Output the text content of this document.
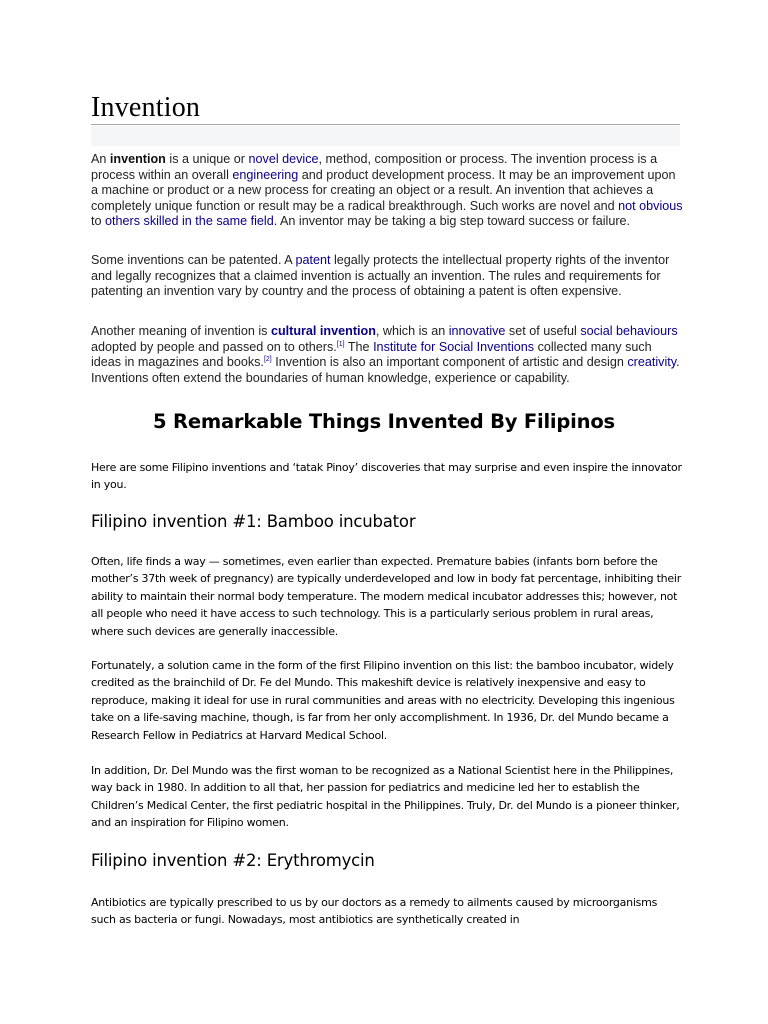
Invention

An invention is a unique or novel device, method, composition or process. The invention process is a process within an overall engineering and product development process. It may be an improvement upon a machine or product or a new process for creating an object or a result. An invention that achieves a completely unique function or result may be a radical breakthrough. Such works are novel and not obvious to others skilled in the same field. An inventor may be taking a big step toward success or failure.

Some inventions can be patented. A patent legally protects the intellectual property rights of the inventor and legally recognizes that a claimed invention is actually an invention. The rules and requirements for patenting an invention vary by country and the process of obtaining a patent is often expensive.

Another meaning of invention is cultural invention, which is an innovative set of useful social behaviours adopted by people and passed on to others.[1] The Institute for Social Inventions collected many such ideas in magazines and books.[2] Invention is also an important component of artistic and design creativity. Inventions often extend the boundaries of human knowledge, experience or capability.

5 Remarkable Things Invented By Filipinos

Here are some Filipino inventions and ‘tatak Pinoy’ discoveries that may surprise and even inspire the innovator in you.

Filipino invention #1: Bamboo incubator

Often, life finds a way — sometimes, even earlier than expected. Premature babies (infants born before the mother’s 37th week of pregnancy) are typically underdeveloped and low in body fat percentage, inhibiting their ability to maintain their normal body temperature. The modern medical incubator addresses this; however, not all people who need it have access to such technology. This is a particularly serious problem in rural areas, where such devices are generally inaccessible.

Fortunately, a solution came in the form of the first Filipino invention on this list: the bamboo incubator, widely credited as the brainchild of Dr. Fe del Mundo. This makeshift device is relatively inexpensive and easy to reproduce, making it ideal for use in rural communities and areas with no electricity. Developing this ingenious take on a life-saving machine, though, is far from her only accomplishment. In 1936, Dr. del Mundo became a Research Fellow in Pediatrics at Harvard Medical School.

In addition, Dr. Del Mundo was the first woman to be recognized as a National Scientist here in the Philippines, way back in 1980. In addition to all that, her passion for pediatrics and medicine led her to establish the Children’s Medical Center, the first pediatric hospital in the Philippines. Truly, Dr. del Mundo is a pioneer thinker, and an inspiration for Filipino women.

Filipino invention #2: Erythromycin

Antibiotics are typically prescribed to us by our doctors as a remedy to ailments caused by microorganisms such as bacteria or fungi. Nowadays, most antibiotics are synthetically created in
